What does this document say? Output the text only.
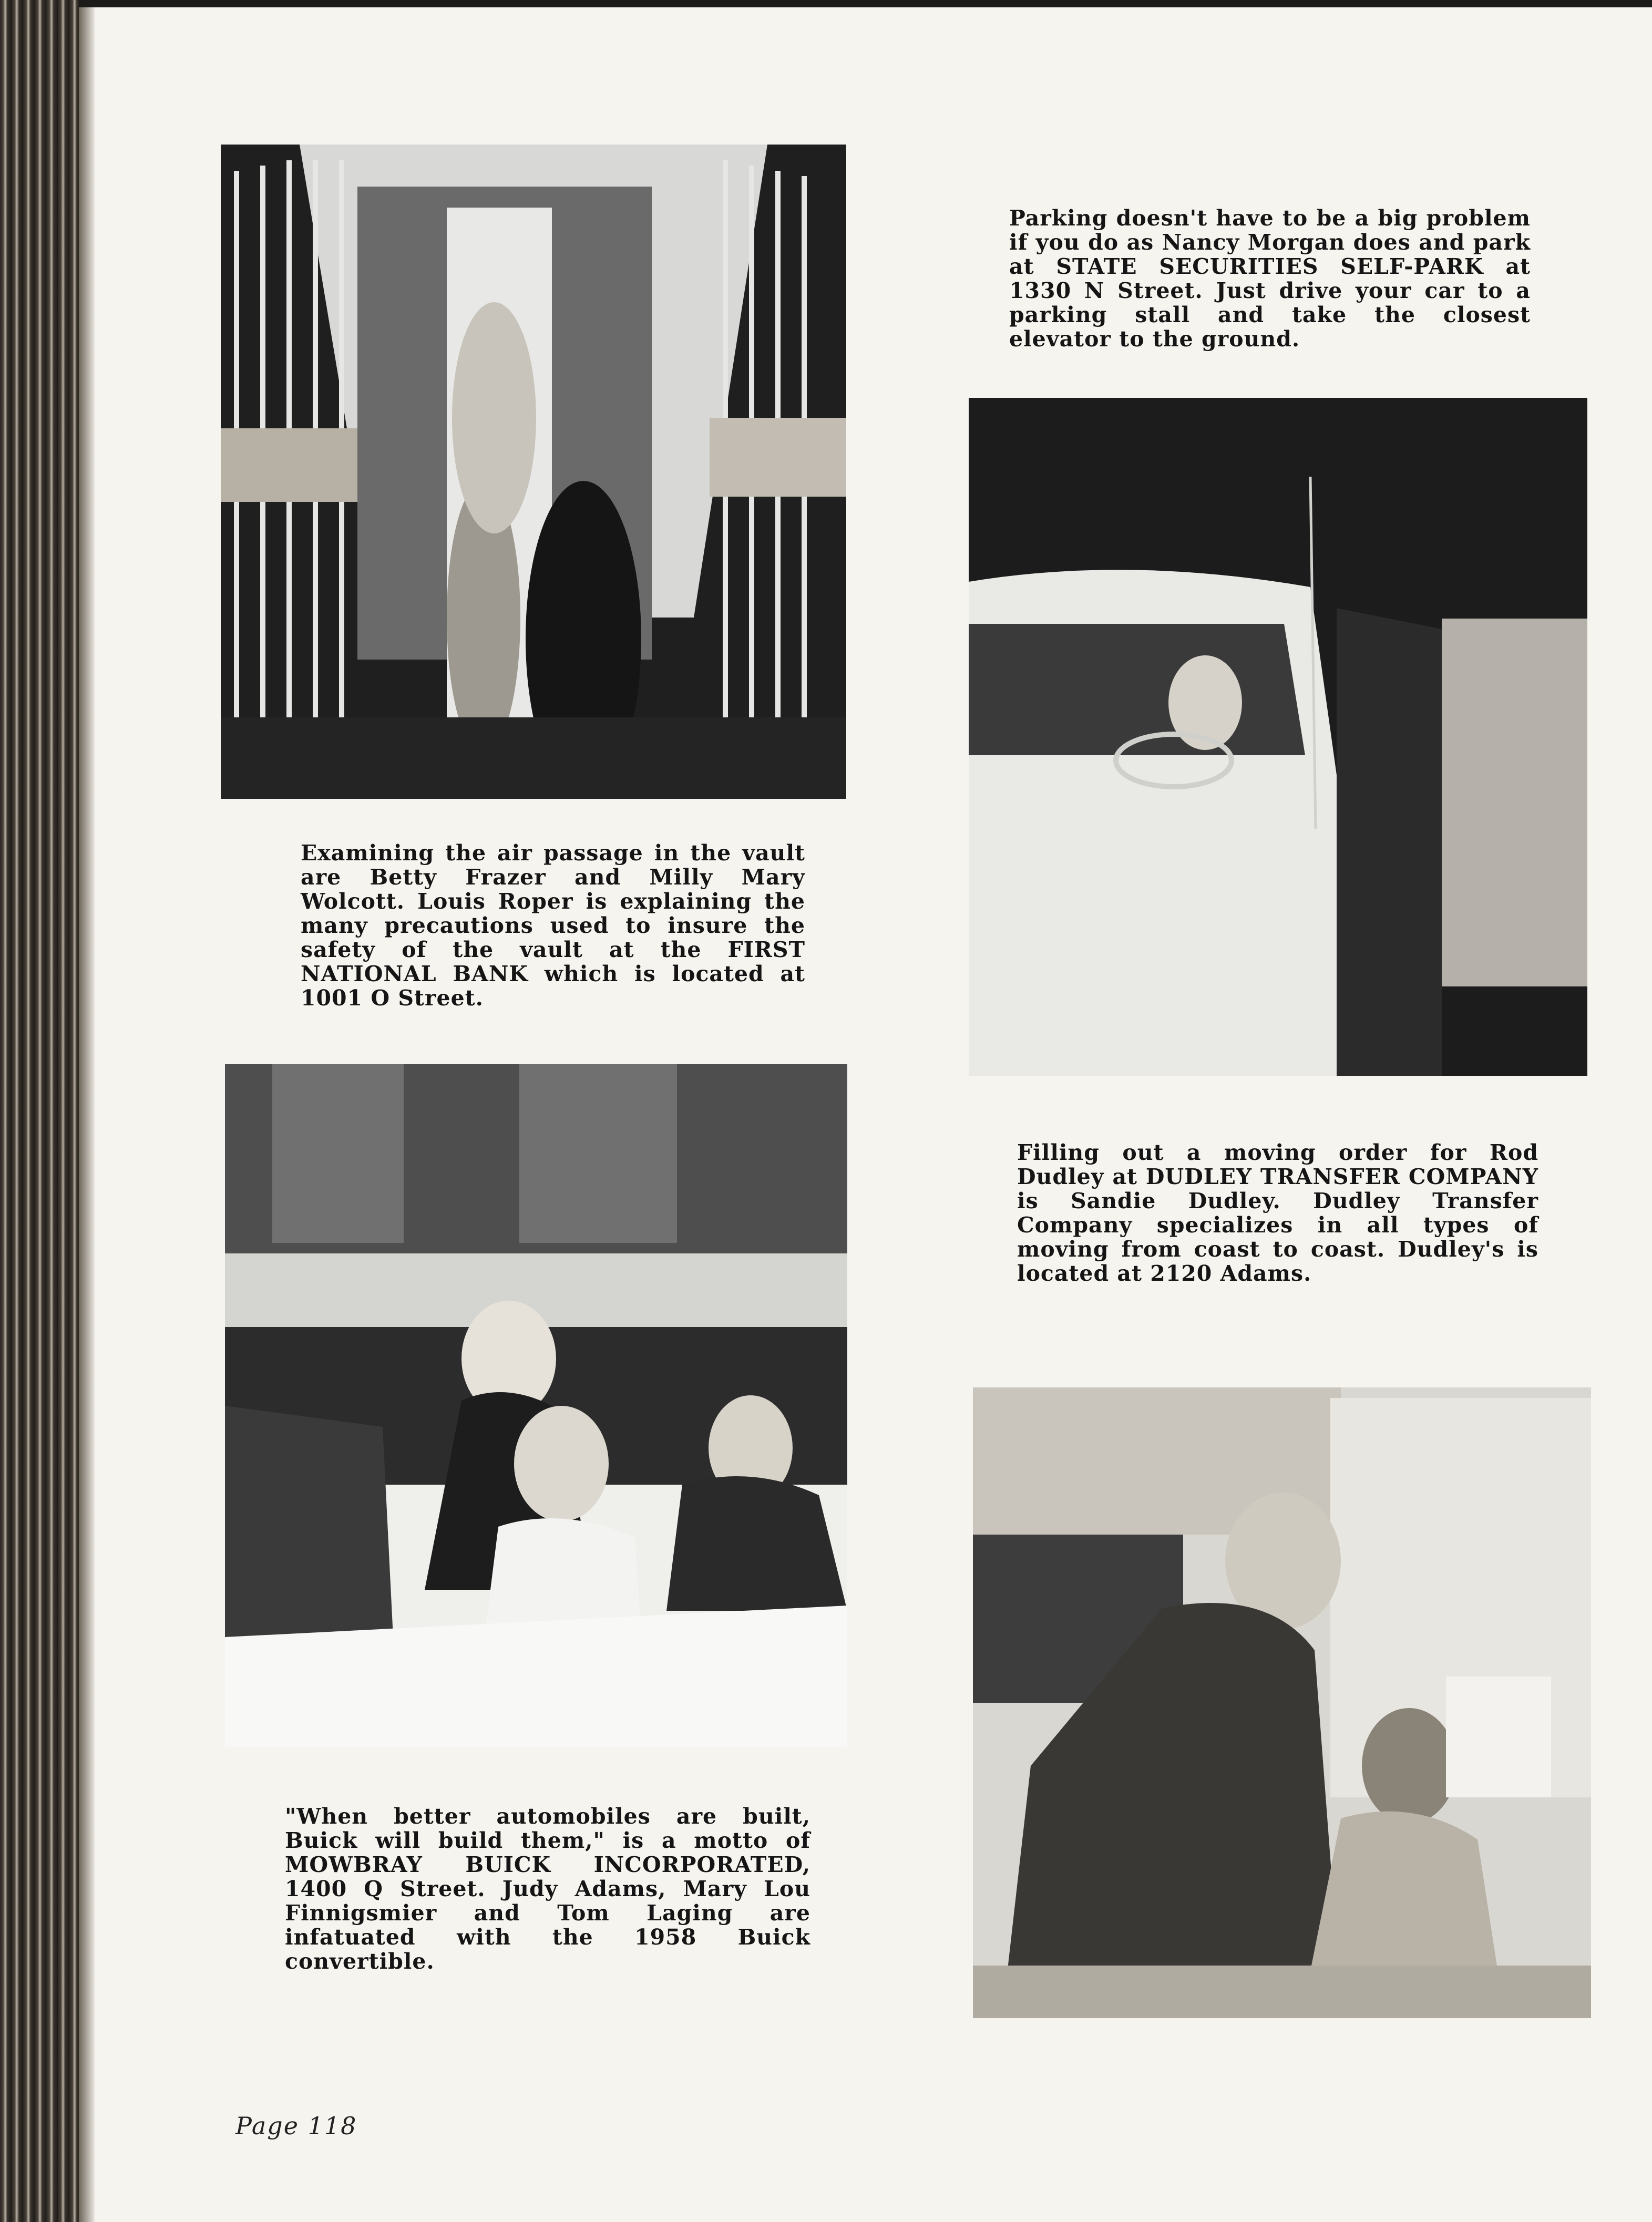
Examining the air passage in the vault are Betty Frazer and Milly Mary Wolcott. Louis Roper is explaining the many precautions used to insure the safety of the vault at the FIRST NATIONAL BANK which is located at 1001 O Street.

Parking doesn't have to be a big problem if you do as Nancy Morgan does and park at STATE SECURITIES SELF-PARK at 1330 N Street. Just drive your car to a parking stall and take the closest elevator to the ground.

"When better automobiles are built, Buick will build them," is a motto of MOWBRAY BUICK INCORPORATED, 1400 Q Street. Judy Adams, Mary Lou Finnigsmier and Tom Laging are infatuated with the 1958 Buick convertible.

Filling out a moving order for Rod Dudley at DUDLEY TRANSFER COMPANY is Sandie Dudley. Dudley Transfer Company specializes in all types of moving from coast to coast. Dudley's is located at 2120 Adams.

Page 118
